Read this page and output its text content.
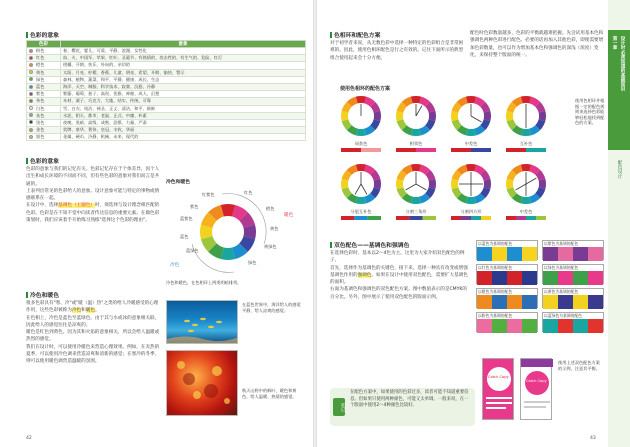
色彩的意象
色彩	意象
粉色	春、樱花、婴儿、可爱、平静、浪漫、女性化
红色	血、火、中国军、苹果、红叶、圣诞节、有热情的、攻击性的、有生气的、危险、红灯
橙色	柑橘、开朗、快乐、外向的、亲切的
黄色	太阳、月亮、柠檬、香蕉、儿童、明亮、希望、开朗、愉快、警示
绿色	森林、植物、蔬菜、和平、平静、健康、成长、生态
蓝色	海洋、天空、制服、科学技术、寂寞、沉稳、冷静
紫色	紫藤、葡萄、茄子、高贵、优雅、神秘、成人、幻想
茶色	木材、栗子、巧克力、大地、结实、传统、可靠
白色	雪、白衣、纯洁、神圣、正义、清洁、和平、新鲜
灰色	水泥、阴天、都市、老鼠、正式、中庸、朴素
黑色	夜晚、黑暗、高级、成熟、恐惧、力量、严肃
金色	奖牌、豪华、奢侈、皇冠、丰收、华丽
银色	金属、硬币、冷静、机械、未来、现代的
色彩的意象

色彩的意象与我们的记忆有关。色彩记忆存在于个体差异，因个人出生和成长环境的不同而不同，但有些色彩的意象对我们而言是共通的。

上表列出常见的色彩给人的意象。设计意象可能与特定的事物或情感联系在一起。

在设计中，选择基调色（主题色）时，须选择与设计理念相匹配的色彩。色彩是在不知不觉中向读者传达信息的重要元素。在做色彩策划时，我们应该着手开始练习熟练"选择这个色彩的理由"。

冷色和暖色
红色
红紫色
紫色
蓝紫色
蓝色
蓝绿色
绿色
黄绿色
黄色
橙色
暖色
冷色
冷色和暖色，在色相环上两类明暗排列。
冷色和暖色

很多色彩具有"寒、冷"或"暖（温）热"之类的给人冷暖感受的心理作用，这些色彩被称为冷色和暖色。

在色相上，冷色是蓝色至蓝绿色。由于其与水或冰的意象相关联，因此给人的感觉往往是凉爽的。

暖色是红色到黄色。因为其和火焰的意象相关，所以会给人温暖或热烈的感觉。

我们在设计时，可以使用冷暖色来营造心理效果。例如，在炎热的夏季，可以使用冷色调来营造凉爽和清新的感觉；在寒冷的冬季，则可以使用暖色调营造温暖的氛围。

在蓝色世界中，海洋给人的感觉平静，给人凉爽的感觉。
秋天山野中的枫叶，暖色和黄色，给人温暖、热情的感觉。
42
第一章 设计时必须知道的基础知识
配色设计
色相环和配色方案
对于初学者来说，从无数色彩中选择一种特定的色彩组合是非常困难的。因此，使用色相环配色是行之有效的。记住下面所示的典型组合使用起来会十分方便。
配色时色彩数量越多，色彩的平衡就越难把握。先尝试用基本色和强调色两种色彩进行配色。必要的话再加入其他色彩，即使需要增加色彩数量，也可以作为增加基本色和强调色的深浅（浓度）变化，来保持整个版面的统一。
使用色相环的配色方案
同类色	相邻色	中差色	互补色
分裂互补色	分割三角形	分割四方形	中差色
使用色相环并根据一定的配色规则来选择色彩能够轻松地找到配色的方案。
双色配色——基调色和强调色

在选择色彩时，基本以2～4色为主。这里为大家介绍双色配色的例子。

首先，选择作为基调色的关键色，接下来，选择一种具有改变或增强基调色作用的强调色。如果在设计中使用双色配色，需要扩大基调色的面积。

右面为基调色和强调色的双色配色方案。图中数值表示的是CMYK的百分比。另外，图中展示了使用双色配色的版面示例。

笔记
在配色方案中，如果使用的色彩过多，读者可能不知道重要信息。但如果只使用两种颜色，可能又太单调。一般来说，在一个版面中使用2～4种颜色比较好。
以蓝色为基调的配色	以紫色为基调的配色
以红色为基调的配色	以绿色为基调的配色
以橙色为基调的配色	以黄色为基调的配色
以粉色为基调的配色	以蓝绿色为基调的配色
Catch Copy
Catch Copy
使用上述双色配色方案的示例，注意其平衡。
43
